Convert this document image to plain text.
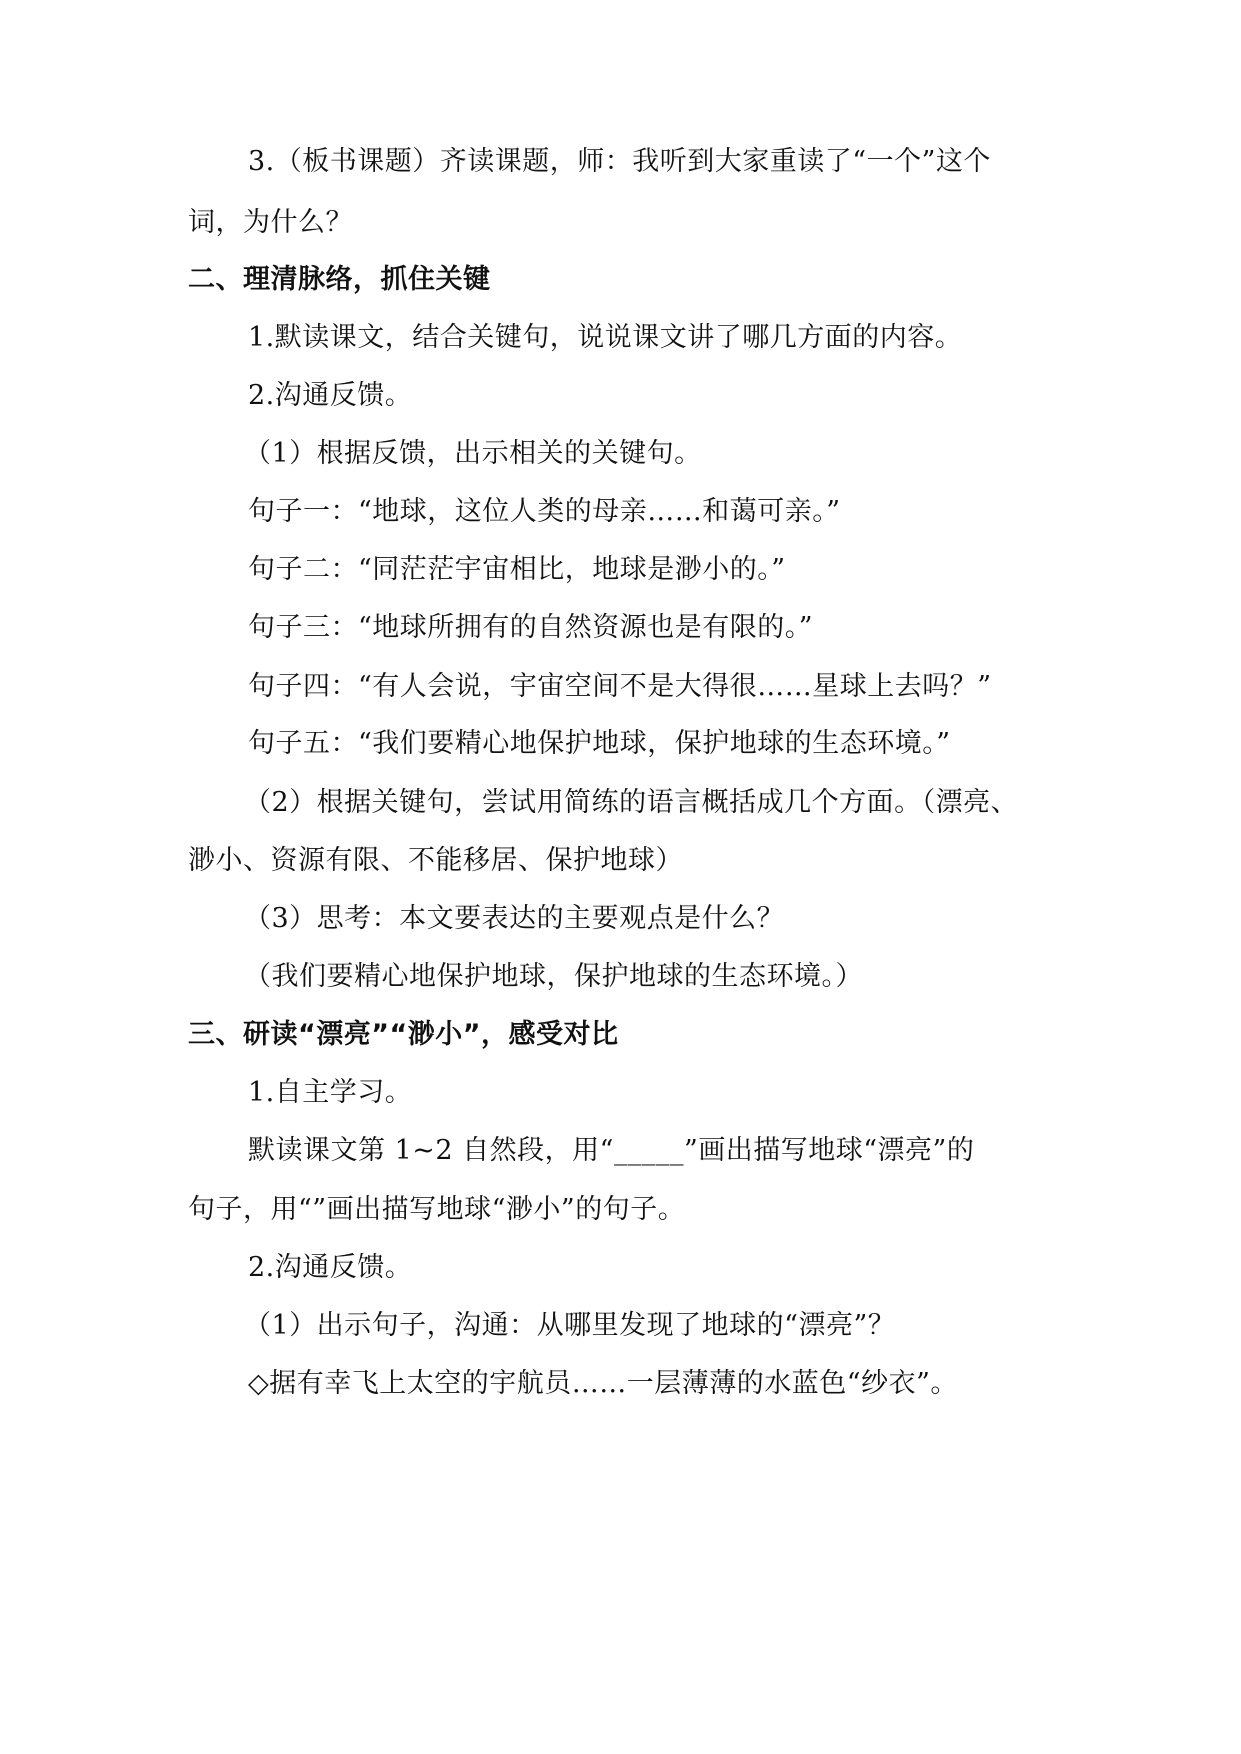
3.（板书课题）齐读课题，师：我听到大家重读了“一个”这个
词，为什么？
二、理清脉络，抓住关键
1.默读课文，结合关键句，说说课文讲了哪几方面的内容。
2.沟通反馈。
（1）根据反馈，出示相关的关键句。
句子一：“地球，这位人类的母亲……和蔼可亲。”
句子二：“同茫茫宇宙相比，地球是渺小的。”
句子三：“地球所拥有的自然资源也是有限的。”
句子四：“有人会说，宇宙空间不是大得很……星球上去吗？”
句子五：“我们要精心地保护地球，保护地球的生态环境。”
（2）根据关键句，尝试用简练的语言概括成几个方面。（漂亮、
渺小、资源有限、不能移居、保护地球）
（3）思考：本文要表达的主要观点是什么？
（我们要精心地保护地球，保护地球的生态环境。）
三、研读“漂亮”“渺小”，感受对比
1.自主学习。
默读课文第 1~2 自然段，用“_____”画出描写地球“漂亮”的
句子，用“”画出描写地球“渺小”的句子。
2.沟通反馈。
（1）出示句子，沟通：从哪里发现了地球的“漂亮”？
◇据有幸飞上太空的宇航员……一层薄薄的水蓝色“纱衣”。
